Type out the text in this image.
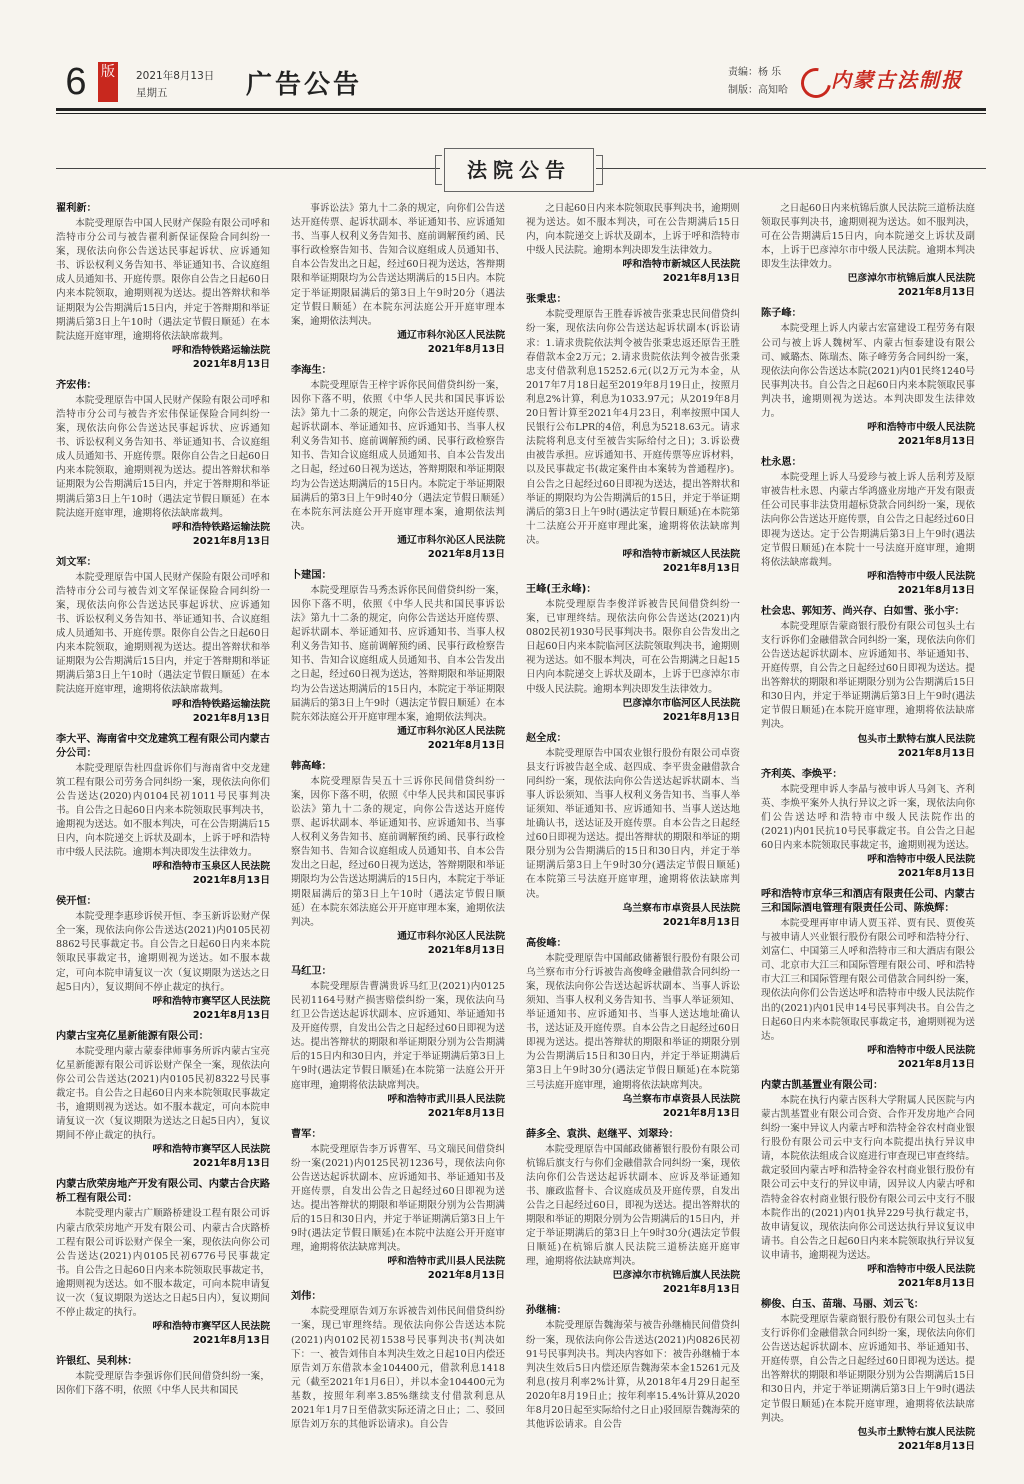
6	版 2021年8月13日
星期五	广告公告	责编：杨 乐
制版：高知哈 内蒙古法制报
法院公告
翟利新：
本院受理原告中国人民财产保险有限公司呼和浩特市分公司与被告翟利新保证保险合同纠纷一案，现依法向你公告送达民事起诉状、应诉通知书、诉讼权利义务告知书、举证通知书、合议庭组成人员通知书、开庭传票。限你自公告之日起60日内来本院领取，逾期则视为送达。提出答辩状和举证期限为公告期满后15日内，并定于答辩期和举证期满后第3日上午10时（遇法定节假日顺延）在本院法庭开庭审理，逾期将依法缺席裁判。
呼和浩特铁路运输法院
2021年8月13日
齐宏伟：
本院受理原告中国人民财产保险有限公司呼和浩特市分公司与被告齐宏伟保证保险合同纠纷一案，现依法向你公告送达民事起诉状、应诉通知书、诉讼权利义务告知书、举证通知书、合议庭组成人员通知书、开庭传票。限你自公告之日起60日内来本院领取，逾期则视为送达。提出答辩状和举证期限为公告期满后15日内，并定于答辩期和举证期满后第3日上午10时（遇法定节假日顺延）在本院法庭开庭审理，逾期将依法缺席裁判。
呼和浩特铁路运输法院
2021年8月13日
刘文军：
本院受理原告中国人民财产保险有限公司呼和浩特市分公司与被告刘文军保证保险合同纠纷一案，现依法向你公告送达民事起诉状、应诉通知书、诉讼权利义务告知书、举证通知书、合议庭组成人员通知书、开庭传票。限你自公告之日起60日内来本院领取，逾期则视为送达。提出答辩状和举证期限为公告期满后15日内，并定于答辩期和举证期满后第3日上午10时（遇法定节假日顺延）在本院法庭开庭审理，逾期将依法缺席裁判。
呼和浩特铁路运输法院
2021年8月13日
李大平、海南省中交龙建筑工程有限公司内蒙古分公司：
本院受理原告杜四盘诉你们与海南省中交龙建筑工程有限公司劳务合同纠纷一案，现依法向你们公告送达(2020)内0104民初1011号民事判决书。自公告之日起60日内来本院领取民事判决书，逾期视为送达。如不服本判决，可在公告期满后15日内，向本院递交上诉状及副本，上诉于呼和浩特市中级人民法院。逾期本判决即发生法律效力。
呼和浩特市玉泉区人民法院
2021年8月13日
侯开恒：
本院受理李惠珍诉侯开恒、李玉新诉讼财产保全一案，现依法向你公告送达(2021)内0105民初8862号民事裁定书。自公告之日起60日内来本院领取民事裁定书，逾期则视为送达。如不服本裁定，可向本院申请复议一次（复议期限为送达之日起5日内），复议期间不停止裁定的执行。
呼和浩特市赛罕区人民法院
2021年8月13日
内蒙古宝亮亿星新能源有限公司：
本院受理内蒙古蒙泰律师事务所诉内蒙古宝亮亿星新能源有限公司诉讼财产保全一案，现依法向你公司公告送达(2021)内0105民初8322号民事裁定书。自公告之日起60日内来本院领取民事裁定书，逾期则视为送达。如不服本裁定，可向本院申请复议一次（复议期限为送达之日起5日内），复议期间不停止裁定的执行。
呼和浩特市赛罕区人民法院
2021年8月13日
内蒙古欣荣房地产开发有限公司、内蒙古合庆路桥工程有限公司：
本院受理内蒙古广顺路桥建设工程有限公司诉内蒙古欣荣房地产开发有限公司、内蒙古合庆路桥工程有限公司诉讼财产保全一案，现依法向你公司公告送达(2021)内0105民初6776号民事裁定书。自公告之日起60日内来本院领取民事裁定书，逾期则视为送达。如不服本裁定，可向本院申请复议一次（复议期限为送达之日起5日内），复议期间不停止裁定的执行。
呼和浩特市赛罕区人民法院
2021年8月13日
许银红、吴利林：
本院受理原告李强诉你们民间借贷纠纷一案，因你们下落不明，依照《中华人民共和国民
事诉讼法》第九十二条的规定，向你们公告送达开庭传票、起诉状副本、举证通知书、应诉通知书、当事人权利义务告知书、庭前调解预约函、民事行政检察告知书、告知合议庭组成人员通知书、自本公告发出之日起，经过60日视为送达，答辩期限和举证期限均为公告送达期满后的15日内。本院定于举证期限届满后的第3日上午9时20分（遇法定节假日顺延）在本院东河法庭公开开庭审理本案，逾期依法判决。
通辽市科尔沁区人民法院
2021年8月13日
李海生：
本院受理原告王梓宇诉你民间借贷纠纷一案，因你下落不明，依照《中华人民共和国民事诉讼法》第九十二条的规定，向你公告送达开庭传票、起诉状副本、举证通知书、应诉通知书、当事人权利义务告知书、庭前调解预约函、民事行政检察告知书、告知合议庭组成人员通知书、自本公告发出之日起，经过60日视为送达，答辩期限和举证期限均为公告送达期满后的15日内。本院定于举证期限届满后的第3日上午9时40分（遇法定节假日顺延）在本院东河法庭公开开庭审理本案，逾期依法判决。
通辽市科尔沁区人民法院
2021年8月13日
卜建国：
本院受理原告马秀杰诉你民间借贷纠纷一案，因你下落不明，依照《中华人民共和国民事诉讼法》第九十二条的规定，向你公告送达开庭传票、起诉状副本、举证通知书、应诉通知书、当事人权利义务告知书、庭前调解预约函、民事行政检察告知书、告知合议庭组成人员通知书、自本公告发出之日起，经过60日视为送达，答辩期限和举证期限均为公告送达期满后的15日内，本院定于举证期限届满后的第3日上午9时（遇法定节假日顺延）在本院东郊法庭公开开庭审理本案，逾期依法判决。
通辽市科尔沁区人民法院
2021年8月13日
韩高峰：
本院受理原告吴五十三诉你民间借贷纠纷一案，因你下落不明，依照《中华人民共和国民事诉讼法》第九十二条的规定，向你公告送达开庭传票、起诉状副本、举证通知书、应诉通知书、当事人权利义务告知书、庭前调解预约函、民事行政检察告知书、告知合议庭组成人员通知书、自本公告发出之日起，经过60日视为送达，答辩期限和举证期限均为公告送达期满后的15日内，本院定于举证期限届满后的第3日上午10时（遇法定节假日顺延）在本院东郊法庭公开开庭审理本案，逾期依法判决。
通辽市科尔沁区人民法院
2021年8月13日
马红卫：
本院受理原告曹满贵诉马红卫(2021)内0125民初1164号财产损害赔偿纠纷一案，现依法向马红卫公告送达起诉状副本、应诉通知、举证通知书及开庭传票，自发出公告之日起经过60日即视为送达。提出答辩状的期限和举证期限分别为公告期满后的15日内和30日内，并定于举证期满后第3日上午9时(遇法定节假日顺延)在本院第一法庭公开开庭审理，逾期将依法缺席判决。
呼和浩特市武川县人民法院
2021年8月13日
曹军：
本院受理原告李万诉曹军、马文瑞民间借贷纠纷一案(2021)内0125民初1236号，现依法向你公告送达起诉状副本、应诉通知书、举证通知书及开庭传票，自发出公告之日起经过60日即视为送达。提出答辩状的期限和举证期限分别为公告期满后的15日和30日内，并定于举证期满后第3日上午9时(遇法定节假日顺延)在本院中法庭公开开庭审理，逾期将依法缺席判决。
呼和浩特市武川县人民法院
2021年8月13日
刘伟：
本院受理原告刘万东诉被告刘伟民间借贷纠纷一案，现已审理终结。现依法向你公告送达本院(2021)内0102民初1538号民事判决书(判决如下：一、被告刘伟自本判决生效之日起10日内偿还原告刘万东借款本金104400元，借款利息1418元（截至2021年1月6日），并以本金104400元为基数，按照年利率3.85%继续支付借款利息从2021年1月7日至借款实际还清之日止；二、驳回原告刘万东的其他诉讼请求)。自公告
之日起60日内来本院领取民事判决书，逾期则视为送达。如不服本判决，可在公告期满后15日内，向本院递交上诉状及副本，上诉于呼和浩特市中级人民法院。逾期本判决即发生法律效力。
呼和浩特市新城区人民法院
2021年8月13日
张秉忠：
本院受理原告王胜春诉被告张秉忠民间借贷纠纷一案，现依法向你公告送达起诉状副本(诉讼请求：1.请求贵院依法判令被告张秉忠返还原告王胜春借款本金2万元；2.请求贵院依法判令被告张秉忠支付借款利息15252.6元(以2万元为本金，从2017年7月18日起至2019年8月19日止，按照月利息2%计算，利息为1033.97元；从2019年8月20日暂计算至2021年4月23日，利率按照中国人民银行公布LPR的4倍，利息为5218.63元。请求法院将利息支付至被告实际给付之日)；3.诉讼费由被告承担。应诉通知书、开庭传票等应诉材料，以及民事裁定书(裁定案件由本案转为普通程序)。自公告之日起经过60日即视为送达，提出答辩状和举证的期限均为公告期满后的15日，并定于举证期满后的第3日上午9时(遇法定节假日顺延)在本院第十二法庭公开开庭审理此案，逾期将依法缺席判决。
呼和浩特市新城区人民法院
2021年8月13日
王峰(王永峰)：
本院受理原告李俊洋诉被告民间借贷纠纷一案，已审理终结。现依法向你公告送达(2021)内0802民初1930号民事判决书。限你自公告发出之日起60日内来本院临河区法院领取判决书，逾期则视为送达。如不服本判决，可在公告期满之日起15日内向本院递交上诉状及副本，上诉于巴彦淖尔市中级人民法院。逾期本判决即发生法律效力。
巴彦淖尔市临河区人民法院
2021年8月13日
赵全成：
本院受理原告中国农业银行股份有限公司卓资县支行诉被告赵全成、赵四成、李平贵金融借款合同纠纷一案，现依法向你公告送达起诉状副本、当事人诉讼须知、当事人权利义务告知书、当事人举证须知、举证通知书、应诉通知书、当事人送达地址确认书，送达证及开庭传票。自本公告之日起经过60日即视为送达。提出答辩状的期限和举证的期限分别为公告期满后的15日和30日内，并定于举证期满后第3日上午9时30分(遇法定节假日顺延)在本院第三号法庭开庭审理，逾期将依法缺席判决。
乌兰察布市卓资县人民法院
2021年8月13日
高俊峰：
本院受理原告中国邮政储蓄银行股份有限公司乌兰察布市分行诉被告高俊峰金融借款合同纠纷一案，现依法向你公告送达起诉状副本、当事人诉讼须知、当事人权利义务告知书、当事人举证须知、举证通知书、应诉通知书、当事人送达地址确认书，送达证及开庭传票。自本公告之日起经过60日即视为送达。提出答辩状的期限和举证的期限分别为公告期满后15日和30日内，并定于举证期满后第3日上午9时30分(遇法定节假日顺延)在本院第三号法庭开庭审理，逾期将依法缺席判决。
乌兰察布市卓资县人民法院
2021年8月13日
薛多全、袁洪、赵继平、刘翠玲：
本院受理原告中国邮政储蓄银行股份有限公司杭锦后旗支行与你们金融借款合同纠纷一案，现依法向你们公告送达起诉状副本、应诉及举证通知书、廉政监督卡、合议庭成员及开庭传票，自发出公告之日起经过60日，即视为送达。提出答辩状的期限和举证的期限分别为公告期满后的15日内，并定于举证期满后的第3日上午9时30分(遇法定节假日顺延)在杭锦后旗人民法院三道桥法庭开庭审理，逾期将依法缺席判决。
巴彦淖尔市杭锦后旗人民法院
2021年8月13日
孙继楠：
本院受理原告魏海荣与被告孙继楠民间借贷纠纷一案，现依法向你公告送达(2021)内0826民初91号民事判决书。判决内容如下：被告孙继楠于本判决生效后5日内偿还原告魏海荣本金15261元及利息(按月利率2%计算，从2018年4月29日起至2020年8月19日止；按年利率15.4%计算从2020年8月20日起至实际给付之日止)驳回原告魏海荣的其他诉讼请求。自公告
之日起60日内来杭锦后旗人民法院三道桥法庭领取民事判决书，逾期则视为送达。如不服判决，可在公告期满后15日内，向本院递交上诉状及副本，上诉于巴彦淖尔市中级人民法院。逾期本判决即发生法律效力。
巴彦淖尔市杭锦后旗人民法院
2021年8月13日
陈子峰：
本院受理上诉人内蒙古宏富建设工程劳务有限公司与被上诉人魏树军、内蒙古恒泰建设有限公司、臧璐杰、陈瑞杰、陈子峰劳务合同纠纷一案，现依法向你公告送达本院(2021)内01民终1240号民事判决书。自公告之日起60日内来本院领取民事判决书，逾期则视为送达。本判决即发生法律效力。
呼和浩特市中级人民法院
2021年8月13日
杜永恩：
本院受理上诉人马爱珍与被上诉人岳利芳及原审被告杜永恩、内蒙古华鸿盛业房地产开发有限责任公司民事非法贷用超标贷款合同纠纷一案，现依法向你公告送达开庭传票，自公告之日起经过60日即视为送达。定于公告期满后第3日上午9时(遇法定节假日顺延)在本院十一号法庭开庭审理，逾期将依法缺席裁判。
呼和浩特市中级人民法院
2021年8月13日
杜会忠、郭知芳、尚兴存、白如雪、张小宇：
本院受理原告蒙商银行股份有限公司包头土右支行诉你们金融借款合同纠纷一案，现依法向你们公告送达起诉状副本、应诉通知书、举证通知书、开庭传票，自公告之日起经过60日即视为送达。提出答辩状的期限和举证期限分别为公告期满后15日和30日内，并定于举证期满后第3日上午9时(遇法定节假日顺延)在本院开庭审理，逾期将依法缺席判决。
包头市土默特右旗人民法院
2021年8月13日
齐利英、李焕平：
本院受理申诉人李晶与被申诉人马剑飞、齐利英、李焕平案外人执行异议之诉一案，现依法向你们公告送达呼和浩特市中级人民法院作出的(2021)内01民抗10号民事裁定书。自公告之日起60日内来本院领取民事裁定书，逾期则视为送达。
呼和浩特市中级人民法院
2021年8月13日
呼和浩特市京华三和酒店有限责任公司、内蒙古三和国际酒电管理有限责任公司、陈焕辉：
本院受理再审申请人贾玉祥、贾有民、贾俊英与被申请人兴业银行股份有限公司呼和浩特分行、刘富仁、中国第三人呼和浩特市三和大酒店有限公司、北京市大江三和国际管理有限公司、呼和浩特市大江三和国际管理有限公司借款合同纠纷一案，现依法向你们公告送达呼和浩特市中级人民法院作出的(2021)内01民申14号民事判决书。自公告之日起60日内来本院领取民事裁定书，逾期则视为送达。
呼和浩特市中级人民法院
2021年8月13日
内蒙古凯基置业有限公司：
本院在执行内蒙古医科大学附属人民医院与内蒙古凯基置业有限公司合资、合作开发房地产合同纠纷一案中异议人内蒙古呼和浩特金谷农村商业银行股份有限公司云中支行向本院提出执行异议申请，本院依法组成合议庭进行审查现已审查终结。裁定驳回内蒙古呼和浩特金谷农村商业银行股份有限公司云中支行的异议申请，因异议人内蒙古呼和浩特金谷农村商业银行股份有限公司云中支行不服本院作出的(2021)内01执异229号执行裁定书，故申请复议，现依法向你公司送达执行异议复议申请书。自公告之日起60日内来本院领取执行异议复议申请书，逾期视为送达。
呼和浩特市中级人民法院
2021年8月13日
柳俊、白玉、苗瑞、马丽、刘云飞：
本院受理原告蒙商银行股份有限公司包头土右支行诉你们金融借款合同纠纷一案，现依法向你们公告送达起诉状副本、应诉通知书、举证通知书、开庭传票，自公告之日起经过60日即视为送达。提出答辩状的期限和举证期限分别为公告期满后15日和30日内，并定于举证期满后第3日上午9时(遇法定节假日顺延)在本院开庭审理，逾期将依法缺席判决。
包头市土默特右旗人民法院
2021年8月13日
